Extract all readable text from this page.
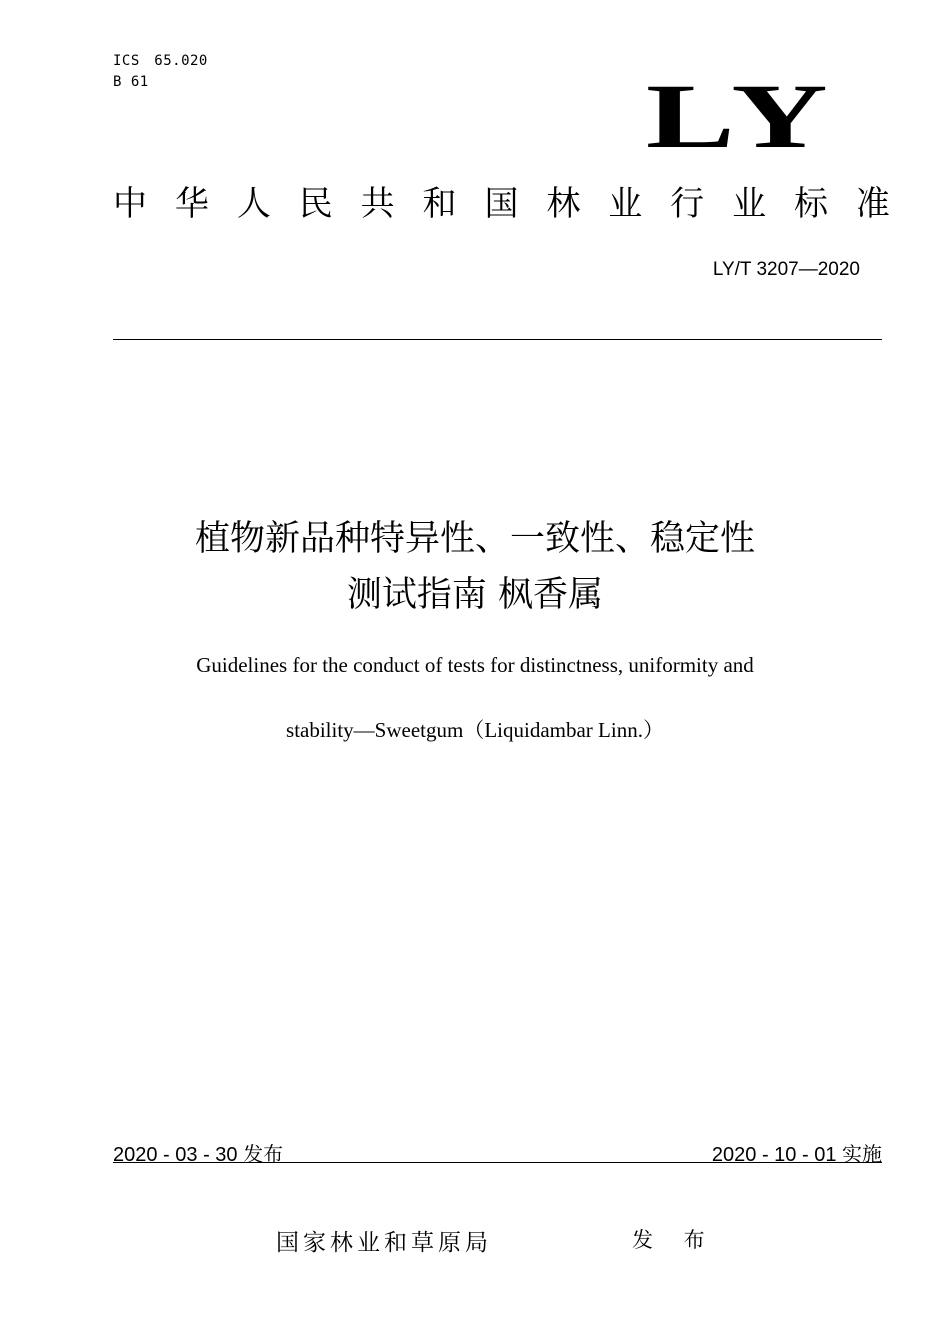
ICS　65.020
B 61	LY
中 华 人 民 共 和 国 林 业 行 业 标 准
LY/T 3207—2020
植物新品种特异性、一致性、稳定性
测试指南 枫香属
Guidelines for the conduct of tests for distinctness, uniformity and
stability—Sweetgum（Liquidambar Linn.）
2020 - 03 - 30 发布	2020 - 10 - 01 实施
国家林业和草原局	发 布
